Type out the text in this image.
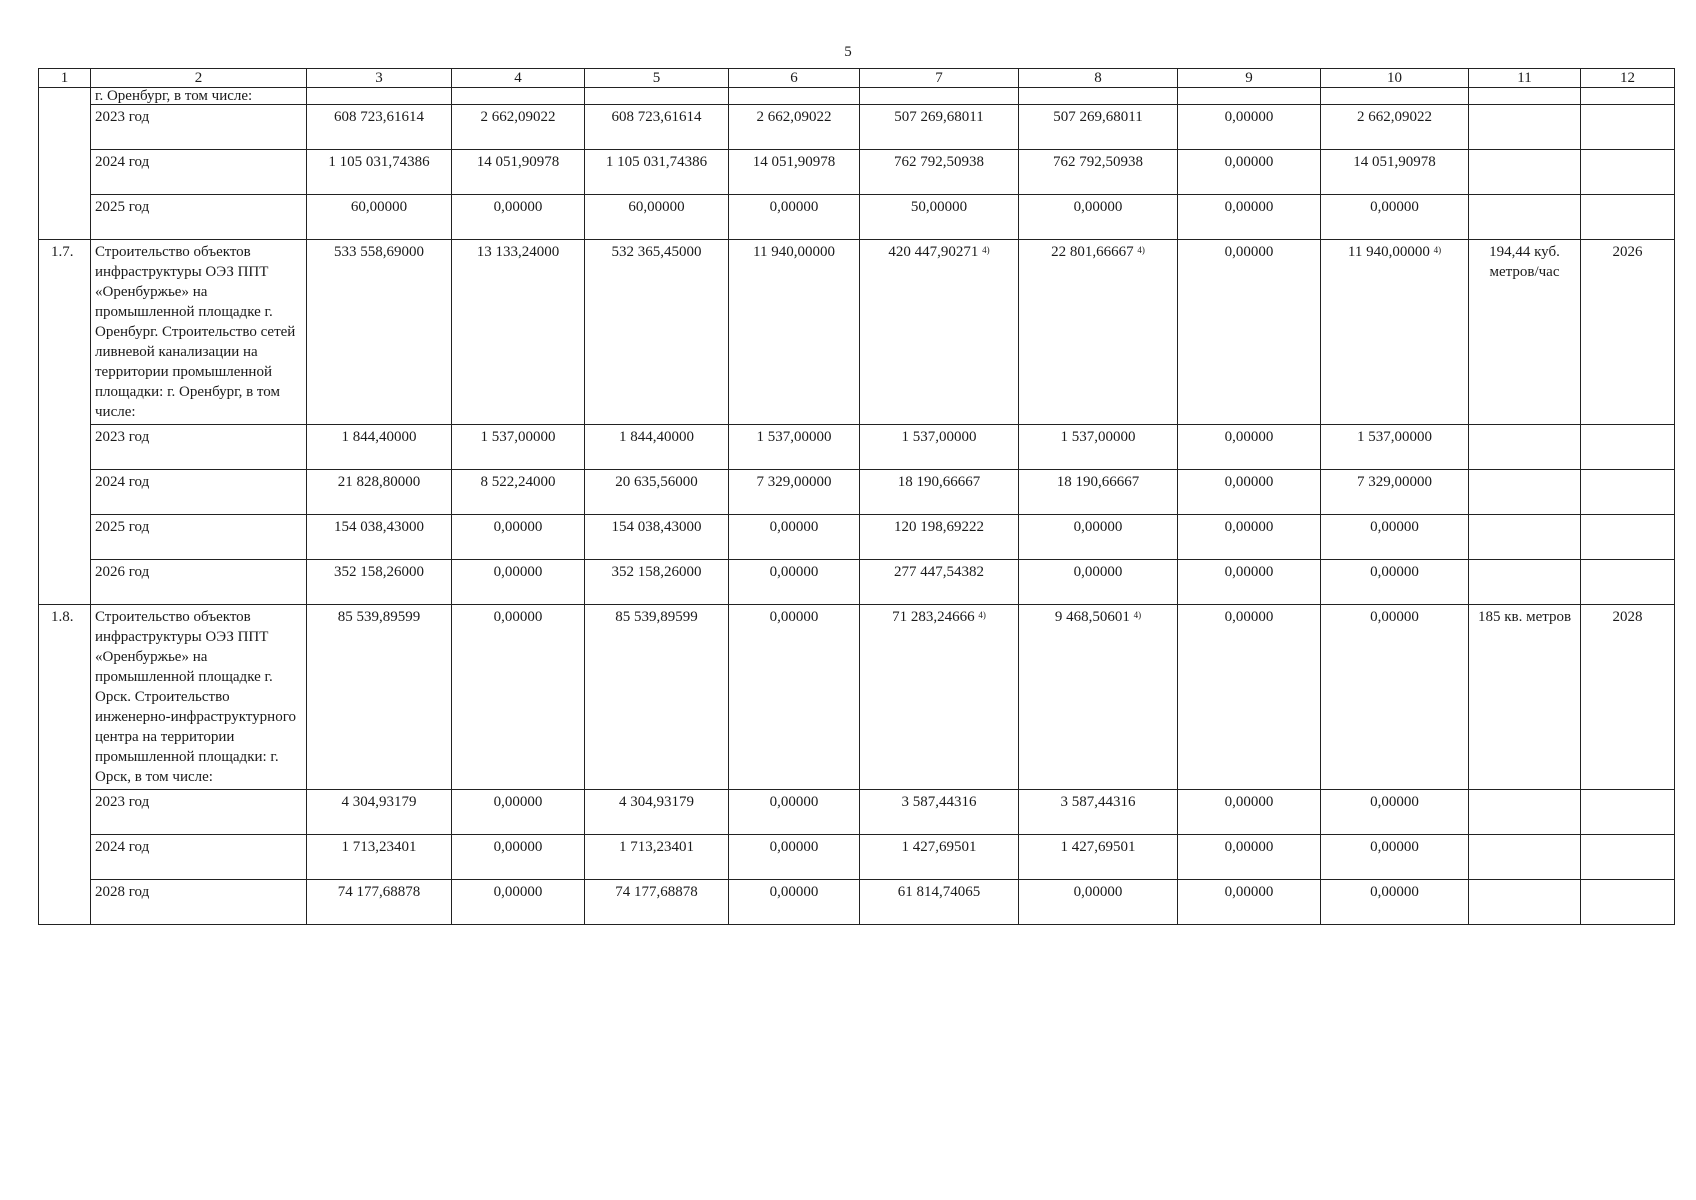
5
1	2	3	4	5	6	7	8	9	10	11	12
	г. Оренбург, в том числе:										
	2023 год	608 723,61614	2 662,09022	608 723,61614	2 662,09022	507 269,68011	507 269,68011	0,00000	2 662,09022		
	2024 год	1 105 031,74386	14 051,90978	1 105 031,74386	14 051,90978	762 792,50938	762 792,50938	0,00000	14 051,90978		
	2025 год	60,00000	0,00000	60,00000	0,00000	50,00000	0,00000	0,00000	0,00000		
1.7.	Строительство объектов инфраструктуры ОЭЗ ППТ «Оренбуржье» на промышленной площадке г. Оренбург. Строительство сетей ливневой канализации на территории промышленной площадки: г. Оренбург, в том числе:	533 558,69000	13 133,24000	532 365,45000	11 940,00000	420 447,90271 $^{4)}$	22 801,66667 $^{4)}$	0,00000	11 940,00000 $^{4)}$	194,44 куб. метров/час	2026
	2023 год	1 844,40000	1 537,00000	1 844,40000	1 537,00000	1 537,00000	1 537,00000	0,00000	1 537,00000		
	2024 год	21 828,80000	8 522,24000	20 635,56000	7 329,00000	18 190,66667	18 190,66667	0,00000	7 329,00000		
	2025 год	154 038,43000	0,00000	154 038,43000	0,00000	120 198,69222	0,00000	0,00000	0,00000		
	2026 год	352 158,26000	0,00000	352 158,26000	0,00000	277 447,54382	0,00000	0,00000	0,00000		
1.8.	Строительство объектов инфраструктуры ОЭЗ ППТ «Оренбуржье» на промышленной площадке г. Орск. Строительство инженерно-инфраструктурного центра на территории промышленной площадки: г. Орск, в том числе:	85 539,89599	0,00000	85 539,89599	0,00000	71 283,24666 $^{4)}$	9 468,50601 $^{4)}$	0,00000	0,00000	185 кв. метров	2028
	2023 год	4 304,93179	0,00000	4 304,93179	0,00000	3 587,44316	3 587,44316	0,00000	0,00000		
	2024 год	1 713,23401	0,00000	1 713,23401	0,00000	1 427,69501	1 427,69501	0,00000	0,00000		
	2028 год	74 177,68878	0,00000	74 177,68878	0,00000	61 814,74065	0,00000	0,00000	0,00000		
